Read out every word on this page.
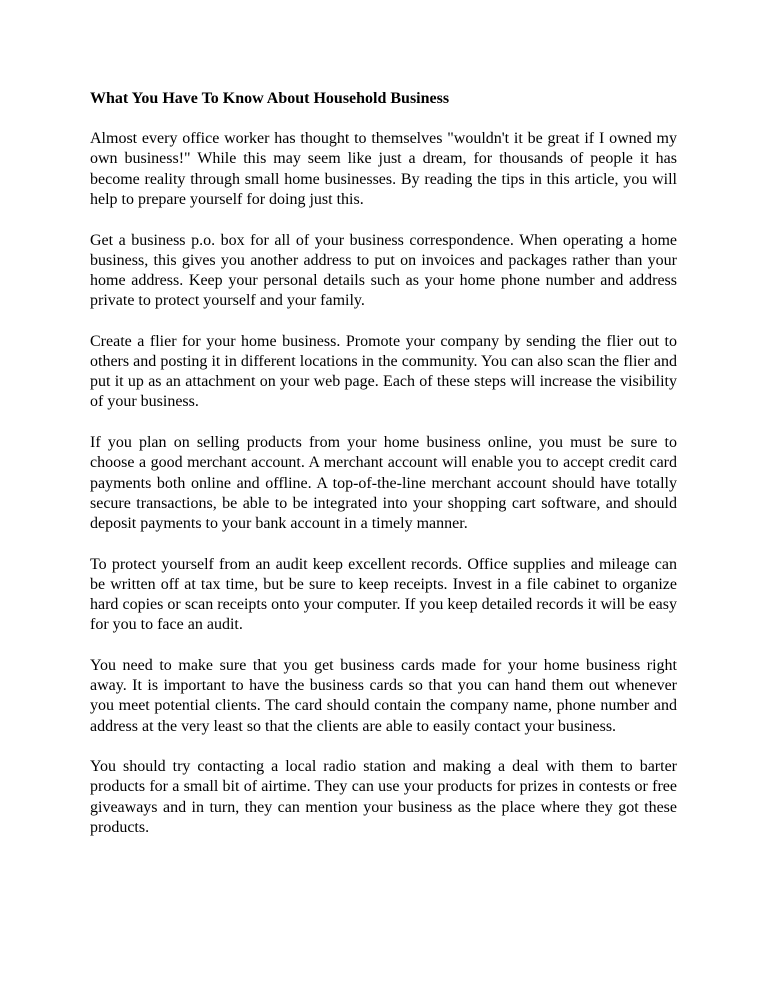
What You Have To Know About Household Business

Almost every office worker has thought to themselves "wouldn't it be great if I owned my own business!" While this may seem like just a dream, for thousands of people it has become reality through small home businesses. By reading the tips in this article, you will help to prepare yourself for doing just this.

Get a business p.o. box for all of your business correspondence. When operating a home business, this gives you another address to put on invoices and packages rather than your home address. Keep your personal details such as your home phone number and address private to protect yourself and your family.

Create a flier for your home business. Promote your company by sending the flier out to others and posting it in different locations in the community. You can also scan the flier and put it up as an attachment on your web page. Each of these steps will increase the visibility of your business.

If you plan on selling products from your home business online, you must be sure to choose a good merchant account. A merchant account will enable you to accept credit card payments both online and offline. A top-of-the-line merchant account should have totally secure transactions, be able to be integrated into your shopping cart software, and should deposit payments to your bank account in a timely manner.

To protect yourself from an audit keep excellent records. Office supplies and mileage can be written off at tax time, but be sure to keep receipts. Invest in a file cabinet to organize hard copies or scan receipts onto your computer. If you keep detailed records it will be easy for you to face an audit.

You need to make sure that you get business cards made for your home business right away. It is important to have the business cards so that you can hand them out whenever you meet potential clients. The card should contain the company name, phone number and address at the very least so that the clients are able to easily contact your business.

You should try contacting a local radio station and making a deal with them to barter products for a small bit of airtime. They can use your products for prizes in contests or free giveaways and in turn, they can mention your business as the place where they got these products.
